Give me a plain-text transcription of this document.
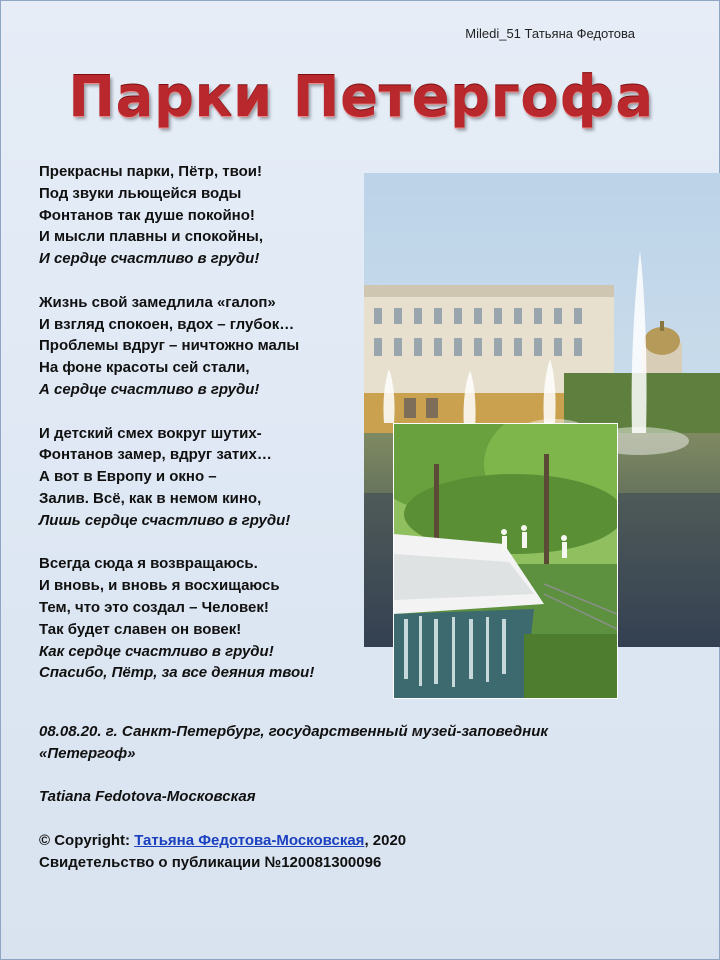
Miledi_51 Татьяна Федотова
Парки Петергофа
Прекрасны парки, Пётр, твои!
Под звуки льющейся воды
Фонтанов так душе покойно!
И мысли плавны и спокойны,
И сердце счастливо в груди!
Жизнь свой замедлила «галоп»
И взгляд спокоен, вдох – глубок…
Проблемы вдруг – ничтожно малы
На фоне красоты сей стали,
А сердце счастливо в груди!
И детский смех вокруг шутих-
Фонтанов замер, вдруг затих…
А вот в Европу и окно –
Залив. Всё, как в немом кино,
Лишь сердце счастливо в груди!
Всегда сюда я возвращаюсь.
И вновь, и вновь я восхищаюсь
Тем, что это создал – Человек!
Так будет славен он вовек!
Как сердце счастливо в груди!
Спасибо, Пётр, за все деяния твои!

08.08.20. г. Санкт-Петербург, государственный музей-заповедник
«Петергоф»

Tatiana Fedotova-Московская

© Copyright: Татьяна Федотова-Московская, 2020
Свидетельство о публикации №120081300096
